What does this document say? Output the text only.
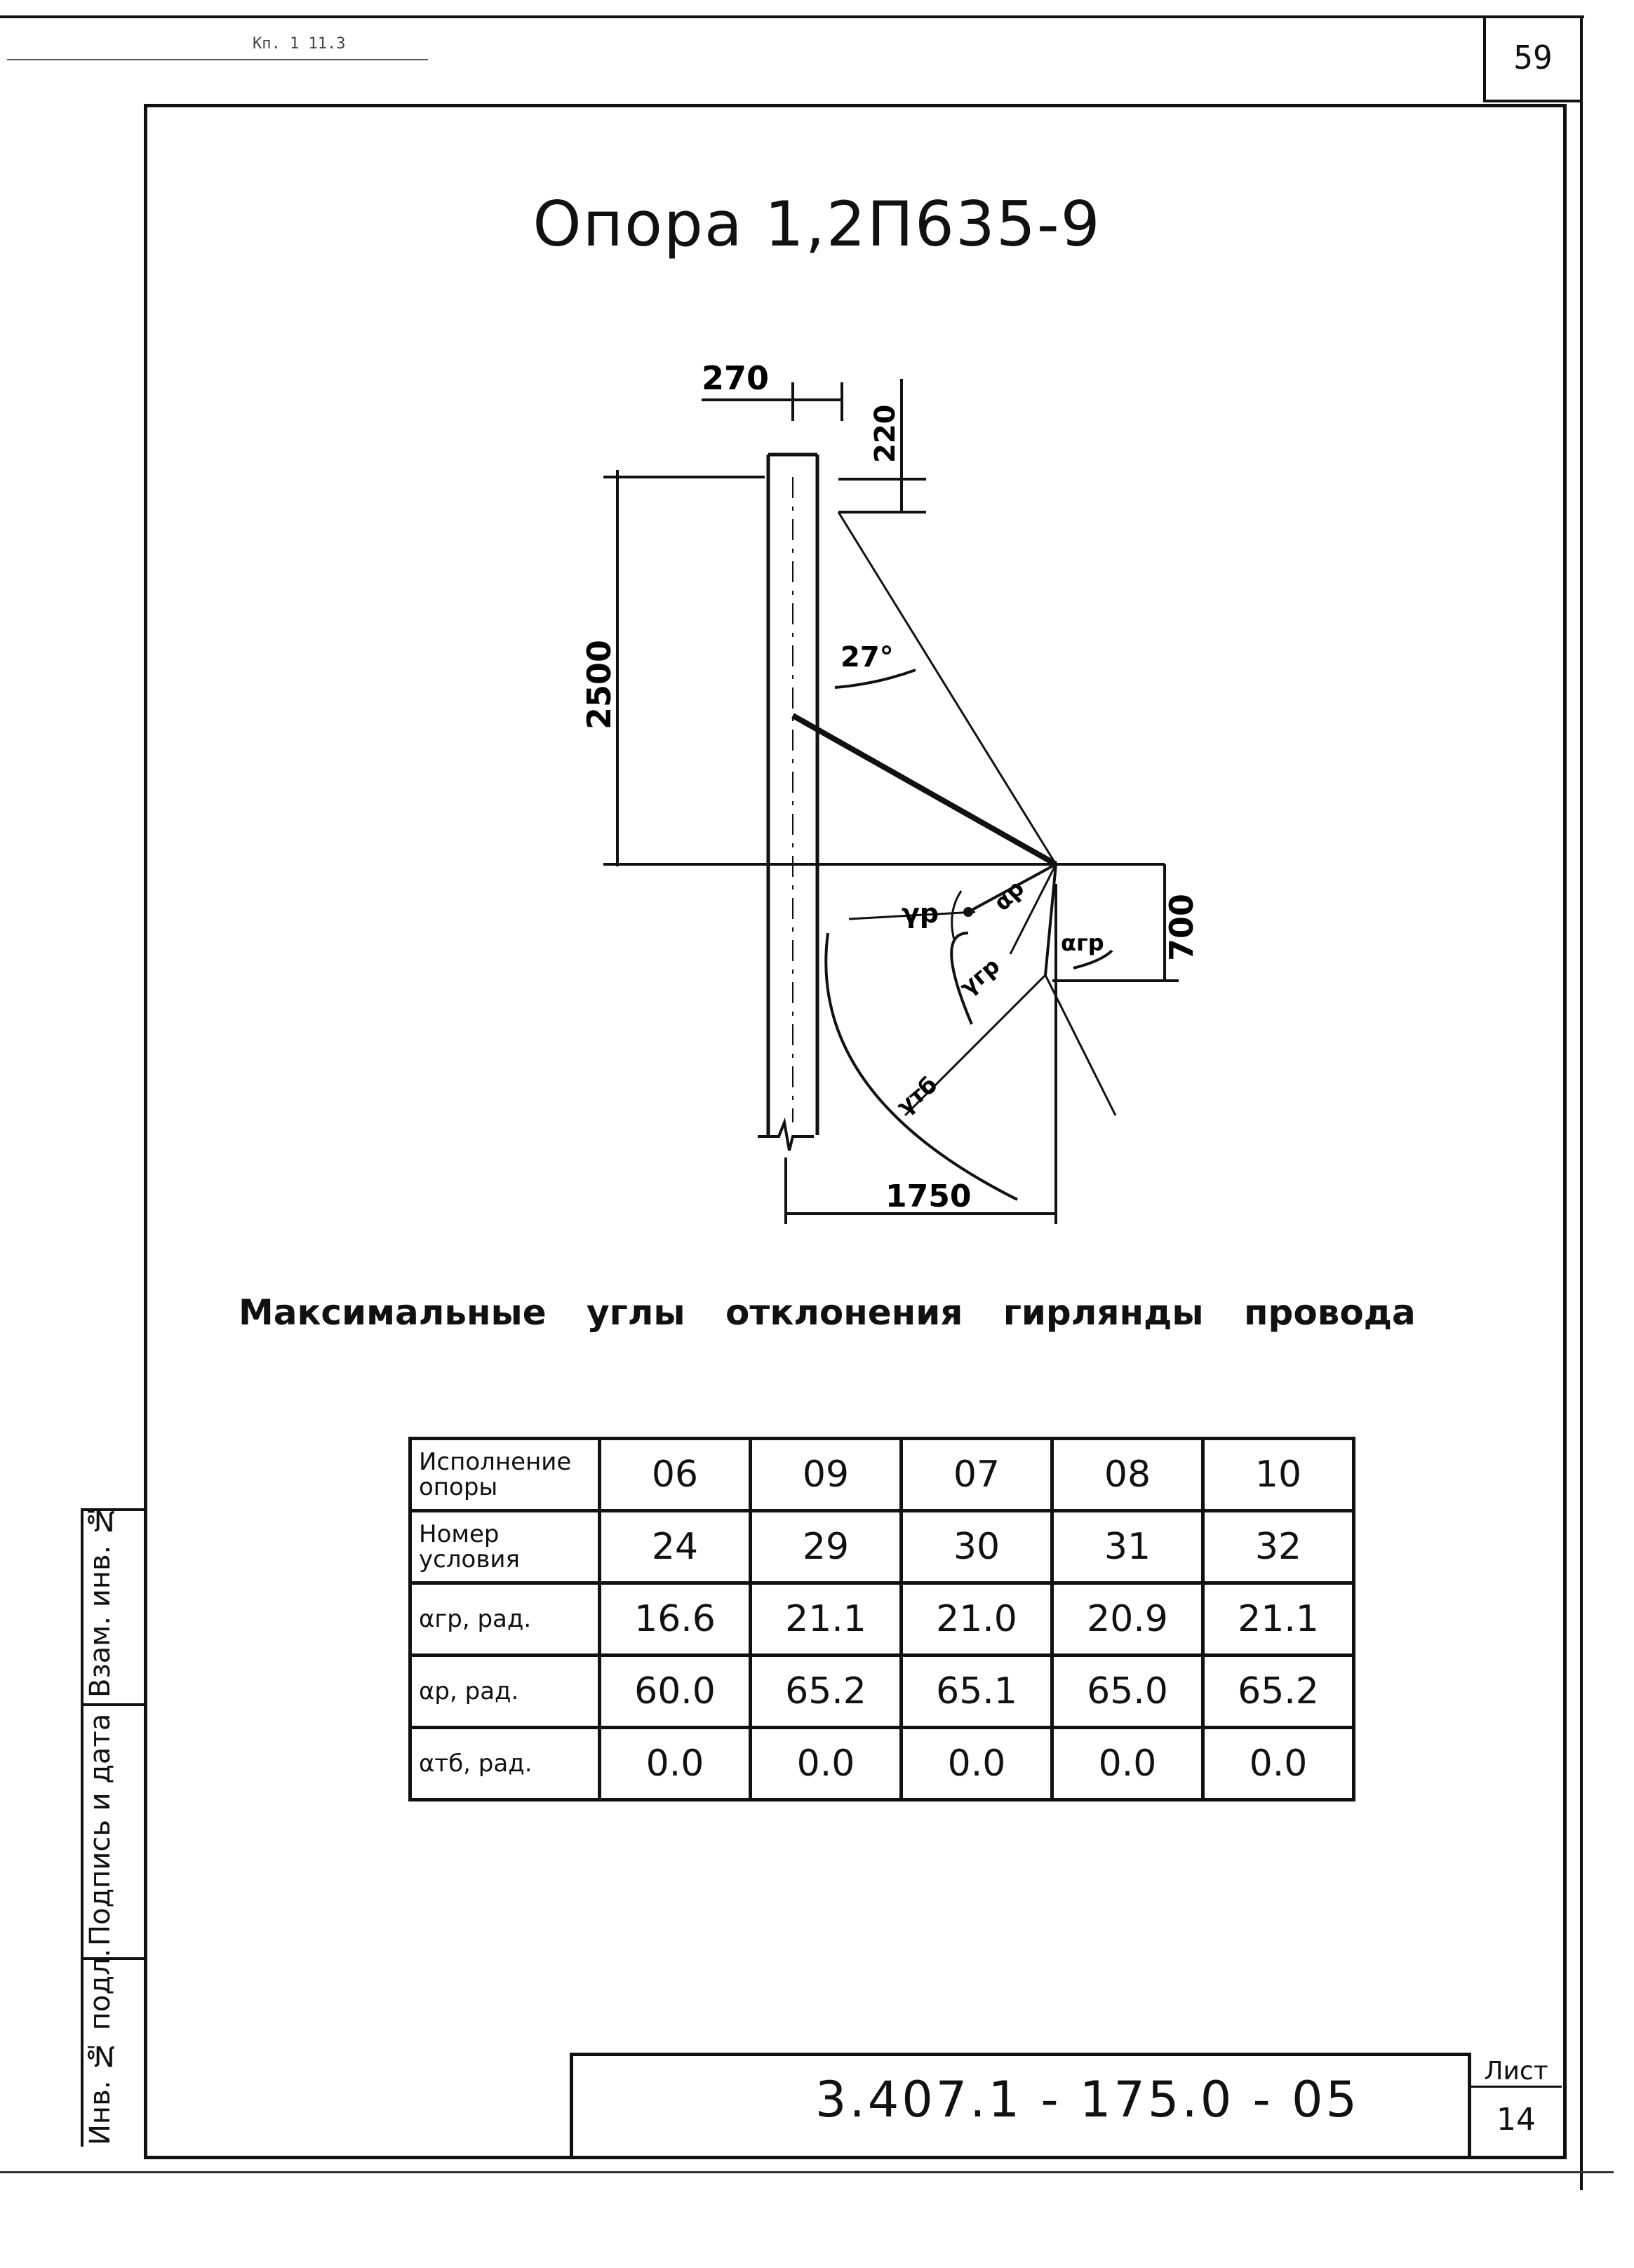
Кп. 1 11.3	59
Опора 1,2П635-9
270
220
2500
700
1750
27°
γp αp
αгр
γгр
γтб
Максимальные углы отклонения гирлянды провода
Исполнение опоры	06	09	07	08	10
Номер условия	24	29	30	31	32
αгр, рад.	16.6	21.1	21.0	20.9	21.1
αр, рад.	60.0	65.2	65.1	65.0	65.2
αтб, рад.	0.0	0.0	0.0	0.0	0.0
Взам. инв. №
Подпись и дата
Инв. № подл.	3.407.1 - 175.0 - 05	Лист
14
